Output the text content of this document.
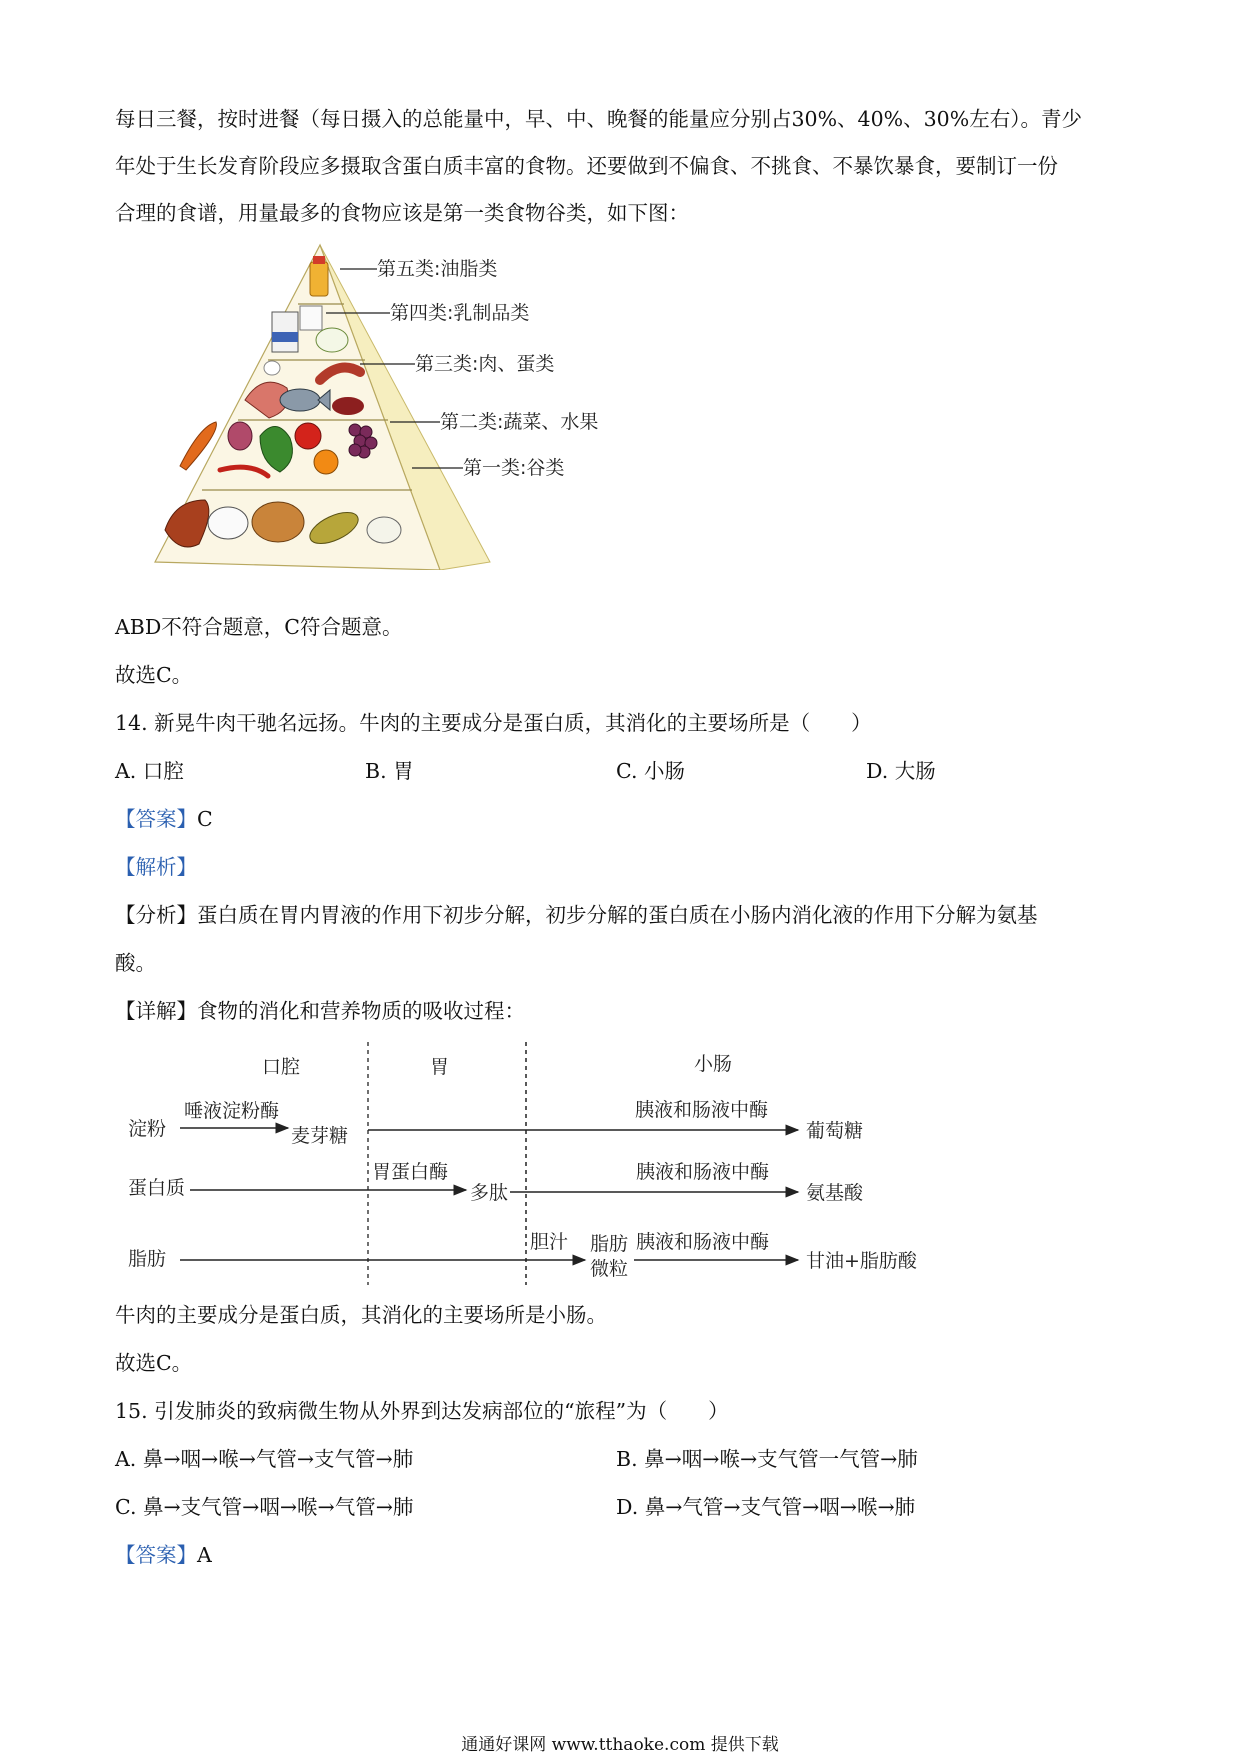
每日三餐，按时进餐（每日摄入的总能量中，早、中、晚餐的能量应分别占30%、40%、30%左右）。青少
年处于生长发育阶段应多摄取含蛋白质丰富的食物。还要做到不偏食、不挑食、不暴饮暴食，要制订一份
合理的食谱，用量最多的食物应该是第一类食物谷类，如下图：
第五类:油脂类
第四类:乳制品类
第三类:肉、蛋类
第二类:蔬菜、水果
第一类:谷类
ABD不符合题意，C符合题意。
故选C。
14. 新晃牛肉干驰名远扬。牛肉的主要成分是蛋白质，其消化的主要场所是（　　）
A. 口腔	B. 胃	C. 小肠	D. 大肠
【答案】C
【解析】
【分析】蛋白质在胃内胃液的作用下初步分解，初步分解的蛋白质在小肠内消化液的作用下分解为氨基
酸。
【详解】食物的消化和营养物质的吸收过程：
口腔	胃	小肠
淀粉
唾液淀粉酶
麦芽糖
胰液和肠液中酶
葡萄糖
蛋白质
胃蛋白酶
多肽
胰液和肠液中酶
氨基酸
脂肪
胆汁 脂肪
微粒
胰液和肠液中酶
甘油+脂肪酸
牛肉的主要成分是蛋白质，其消化的主要场所是小肠。
故选C。
15. 引发肺炎的致病微生物从外界到达发病部位的“旅程”为（　　）
A. 鼻→咽→喉→气管→支气管→肺	B. 鼻→咽→喉→支气管一气管→肺
C. 鼻→支气管→咽→喉→气管→肺	D. 鼻→气管→支气管→咽→喉→肺
【答案】A
通通好课网 www.tthaoke.com 提供下载
